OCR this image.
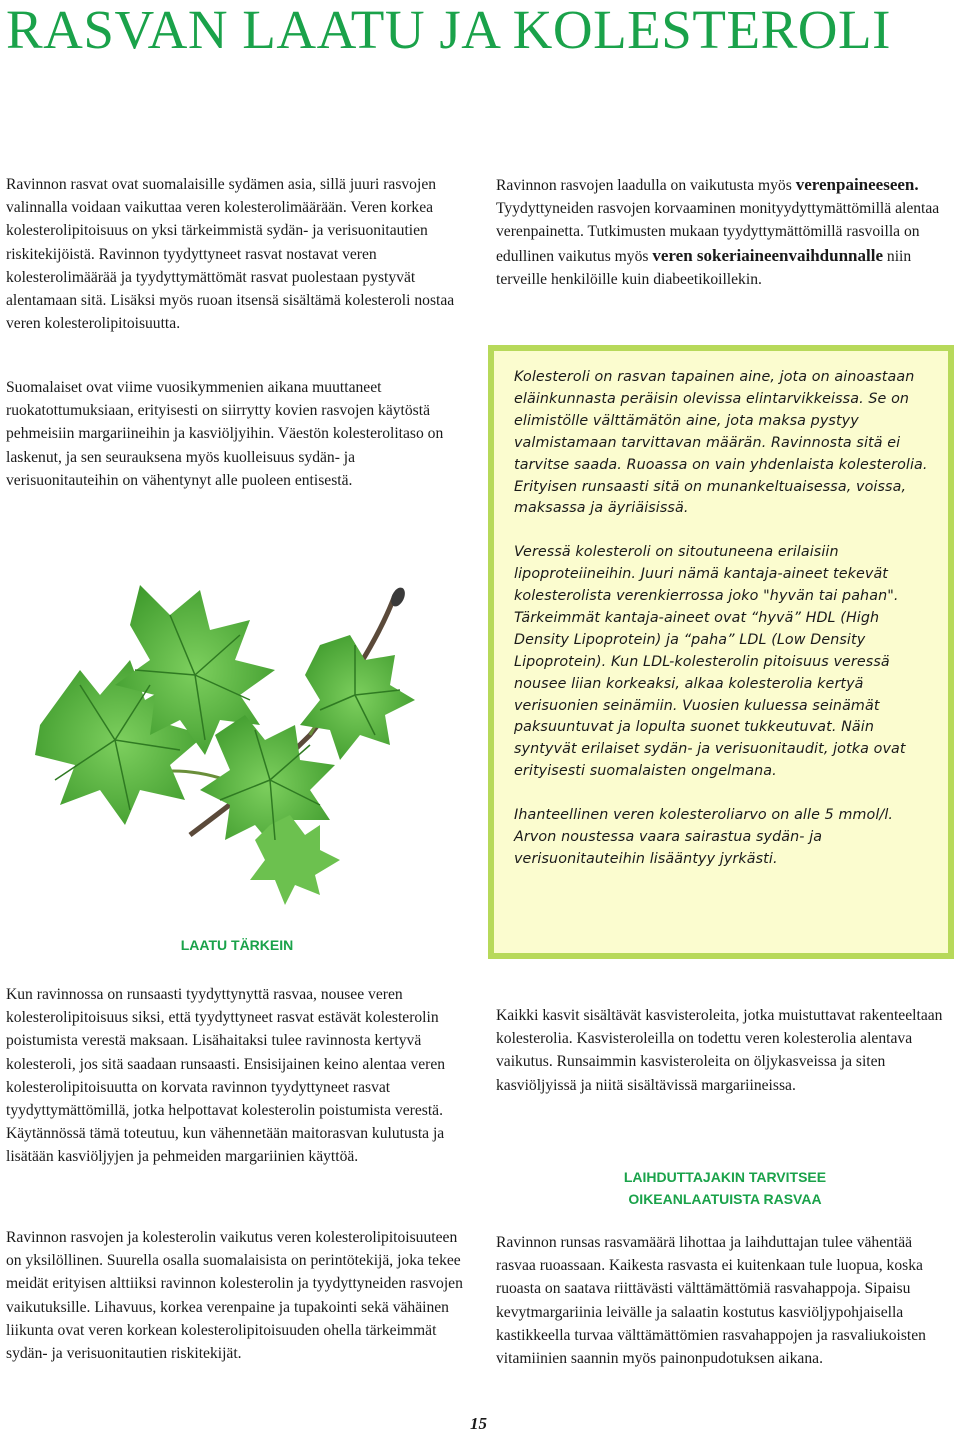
RASVAN LAATU JA KOLESTEROLI

Ravinnon rasvat ovat suomalaisille sydämen asia, sillä juuri rasvojen valinnalla voidaan vaikuttaa veren kolesterolimäärään. Veren korkea kolesterolipitoisuus on yksi tärkeimmistä sydän- ja verisuonitautien riskitekijöistä. Ravinnon tyydyttyneet rasvat nostavat veren kolesterolimäärää ja tyydyttymättömät rasvat puolestaan pystyvät alentamaan sitä. Lisäksi myös ruoan itsensä sisältämä kolesteroli nostaa veren kolesterolipitoisuutta.

Suomalaiset ovat viime vuosikymmenien aikana muuttaneet ruokatottumuksiaan, erityisesti on siirrytty kovien rasvojen käytöstä pehmeisiin margariineihin ja kasviöljyihin. Väestön kolesterolitaso on laskenut, ja sen seurauksena myös kuolleisuus sydän- ja verisuonitauteihin on vähentynyt alle puoleen entisestä.

LAATU TÄRKEIN

Kun ravinnossa on runsaasti tyydyttynyttä rasvaa, nousee veren kolesterolipitoisuus siksi, että tyydyttyneet rasvat estävät kolesterolin poistumista verestä maksaan. Lisähaitaksi tulee ravinnosta kertyvä kolesteroli, jos sitä saadaan runsaasti. Ensisijainen keino alentaa veren kolesterolipitoisuutta on korvata ravinnon tyydyttyneet rasvat tyydyttymättömillä, jotka helpottavat kolesterolin poistumista verestä. Käytännössä tämä toteutuu, kun vähennetään maitorasvan kulutusta ja lisätään kasviöljyjen ja pehmeiden margariinien käyttöä.

Ravinnon rasvojen ja kolesterolin vaikutus veren kolesterolipitoisuuteen on yksilöllinen. Suurella osalla suomalaisista on perintötekijä, joka tekee meidät erityisen alttiiksi ravinnon kolesterolin ja tyydyttyneiden rasvojen vaikutuksille. Lihavuus, korkea verenpaine ja tupakointi sekä vähäinen liikunta ovat veren korkean kolesterolipitoisuuden ohella tärkeimmät sydän- ja verisuonitautien riskitekijät.

Ravinnon rasvojen laadulla on vaikutusta myös verenpaineeseen. Tyydyttyneiden rasvojen korvaaminen monityydyttymättömillä alentaa verenpainetta. Tutkimusten mukaan tyydyttymättömillä rasvoilla on edullinen vaikutus myös veren sokeriaineenvaihdunnalle niin terveille henkilöille kuin diabeetikoillekin.

Kolesteroli on rasvan tapainen aine, jota on ainoastaan eläinkunnasta peräisin olevissa elintarvikkeissa. Se on elimistölle välttämätön aine, jota maksa pystyy valmistamaan tarvittavan määrän. Ravinnosta sitä ei tarvitse saada. Ruoassa on vain yhdenlaista kolesterolia. Erityisen runsaasti sitä on munankeltuaisessa, voissa, maksassa ja äyriäisissä.

Veressä kolesteroli on sitoutuneena erilaisiin lipoproteiineihin. Juuri nämä kantaja-aineet tekevät kolesterolista verenkierrossa joko "hyvän tai pahan". Tärkeimmät kantaja-aineet ovat “hyvä” HDL (High Density Lipoprotein) ja “paha” LDL (Low Density Lipoprotein). Kun LDL-kolesterolin pitoisuus veressä nousee liian korkeaksi, alkaa kolesterolia kertyä verisuonien seinämiin. Vuosien kuluessa seinämät paksuuntuvat ja lopulta suonet tukkeutuvat. Näin syntyvät erilaiset sydän- ja verisuonitaudit, jotka ovat erityisesti suomalaisten ongelmana.

Ihanteellinen veren kolesteroliarvo on alle 5 mmol/l. Arvon noustessa vaara sairastua sydän- ja verisuonitauteihin lisääntyy jyrkästi.

Kaikki kasvit sisältävät kasvisteroleita, jotka muistuttavat rakenteeltaan kolesterolia. Kasvisteroleilla on todettu veren kolesterolia alentava vaikutus. Runsaimmin kasvisteroleita on öljykasveissa ja siten kasviöljyissä ja niitä sisältävissä margariineissa.

LAIHDUTTAJAKIN TARVITSEE
OIKEANLAATUISTA RASVAA

Ravinnon runsas rasvamäärä lihottaa ja laihduttajan tulee vähentää rasvaa ruoassaan. Kaikesta rasvasta ei kuitenkaan tule luopua, koska ruoasta on saatava riittävästi välttämättömiä rasvahappoja. Sipaisu kevytmargariinia leivälle ja salaatin kostutus kasviöljypohjaisella kastikkeella turvaa välttämättömien rasvahappojen ja rasvaliukoisten vitamiinien saannin myös painonpudotuksen aikana.

15
